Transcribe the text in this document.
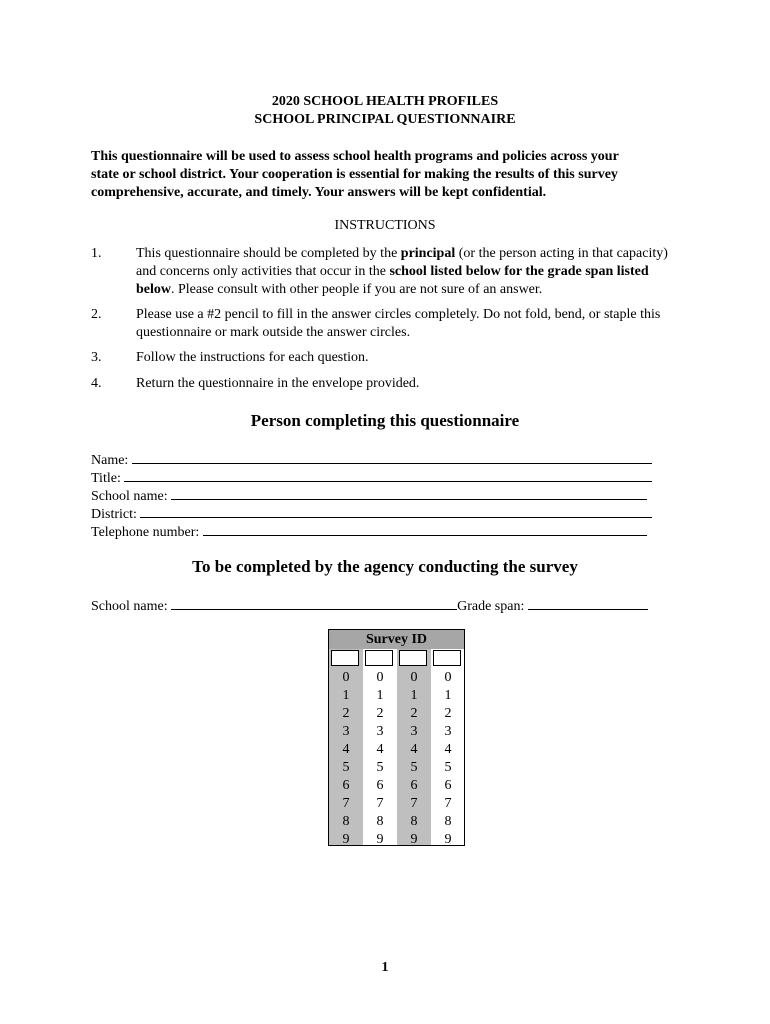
2020 SCHOOL HEALTH PROFILES
SCHOOL PRINCIPAL QUESTIONNAIRE
This questionnaire will be used to assess school health programs and policies across your
state or school district. Your cooperation is essential for making the results of this survey
comprehensive, accurate, and timely. Your answers will be kept confidential.
INSTRUCTIONS
1. This questionnaire should be completed by the principal (or the person acting in that capacity) and concerns only activities that occur in the school listed below for the grade span listed below. Please consult with other people if you are not sure of an answer.
2. Please use a #2 pencil to fill in the answer circles completely. Do not fold, bend, or staple this questionnaire or mark outside the answer circles.
3. Follow the instructions for each question.
4. Return the questionnaire in the envelope provided.
Person completing this questionnaire
Name:
Title:
School name:
District:
Telephone number:
To be completed by the agency conducting the survey
School name:	Grade span:
Survey ID
0
1
2
3
4
5
6
7
8
9
0
1
2
3
4
5
6
7
8
9
0
1
2
3
4
5
6
7
8
9
0
1
2
3
4
5
6
7
8
9
1
